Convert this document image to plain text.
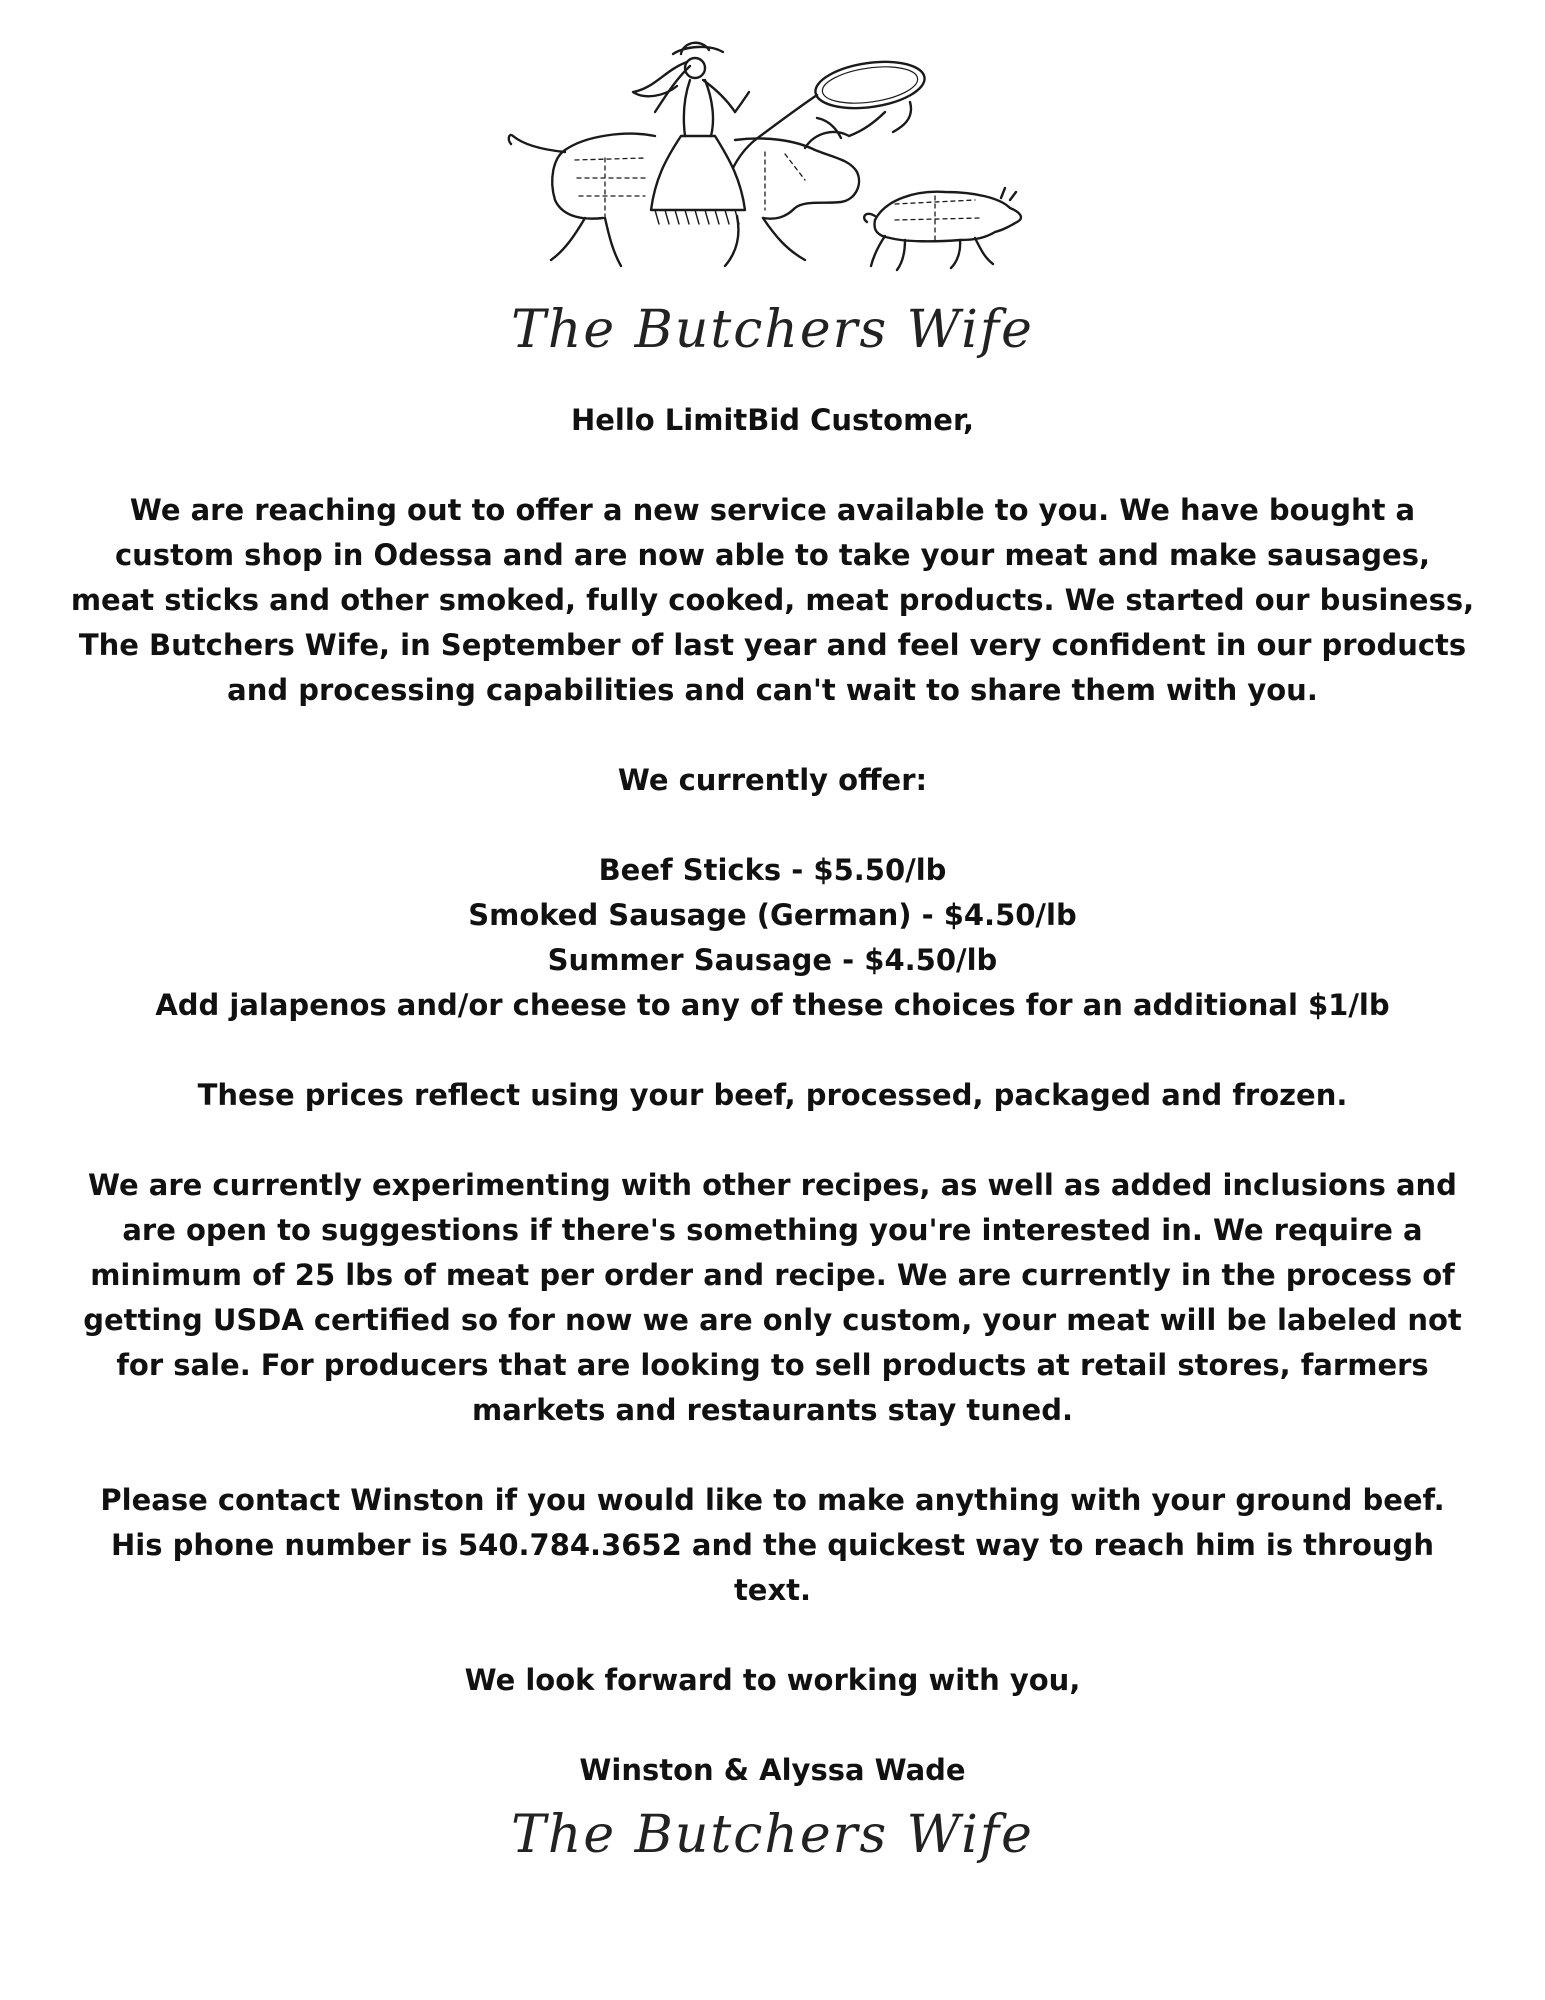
The Butchers Wife

Hello LimitBid Customer,

We are reaching out to offer a new service available to you. We have bought a custom shop in Odessa and are now able to take your meat and make sausages, meat sticks and other smoked, fully cooked, meat products. We started our business, The Butchers Wife, in September of last year and feel very confident in our products and processing capabilities and can't wait to share them with you.

We currently offer:

Beef Sticks - $5.50/lb
Smoked Sausage (German) - $4.50/lb
Summer Sausage - $4.50/lb
Add jalapenos and/or cheese to any of these choices for an additional $1/lb

These prices reflect using your beef, processed, packaged and frozen.

We are currently experimenting with other recipes, as well as added inclusions and are open to suggestions if there's something you're interested in. We require a minimum of 25 lbs of meat per order and recipe. We are currently in the process of getting USDA certified so for now we are only custom, your meat will be labeled not for sale. For producers that are looking to sell products at retail stores, farmers markets and restaurants stay tuned.

Please contact Winston if you would like to make anything with your ground beef. His phone number is 540.784.3652 and the quickest way to reach him is through text.

We look forward to working with you,

Winston & Alyssa Wade

The Butchers Wife
